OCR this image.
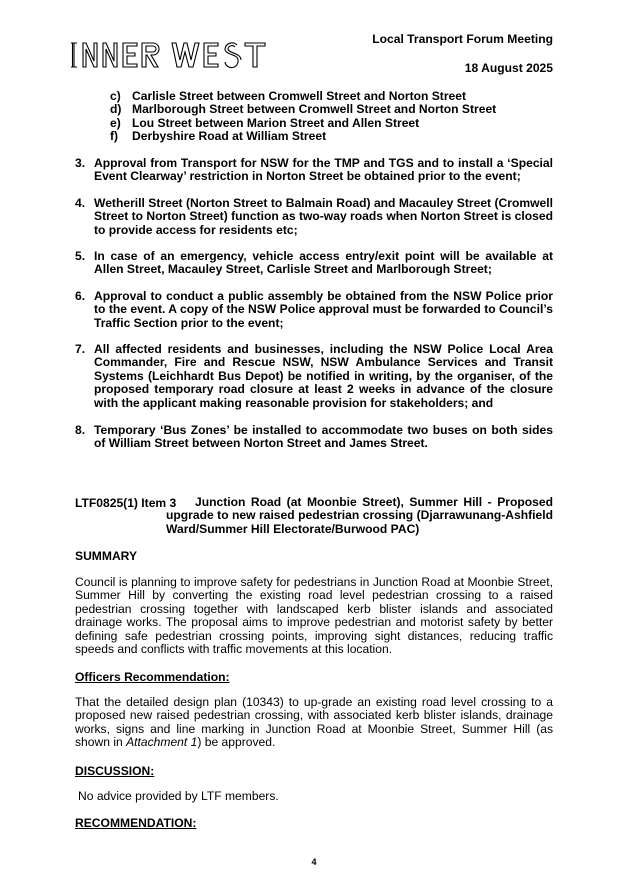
Local Transport Forum Meeting
18 August 2025
c) Carlisle Street between Cromwell Street and Norton Street
d) Marlborough Street between Cromwell Street and Norton Street
e) Lou Street between Marion Street and Allen Street
f)	Derbyshire Road at William Street
3. Approval from Transport for NSW for the TMP and TGS and to install a ‘Special Event Clearway’ restriction in Norton Street be obtained prior to the event;
4. Wetherill Street (Norton Street to Balmain Road) and Macauley Street (Cromwell Street to Norton Street) function as two-way roads when Norton Street is closed to provide access for residents etc;
5. In case of an emergency, vehicle access entry/exit point will be available at Allen Street, Macauley Street, Carlisle Street and Marlborough Street;
6. Approval to conduct a public assembly be obtained from the NSW Police prior to the event. A copy of the NSW Police approval must be forwarded to Council’s Traffic Section prior to the event;
7. All affected residents and businesses, including the NSW Police Local Area Commander, Fire and Rescue NSW, NSW Ambulance Services and Transit Systems (Leichhardt Bus Depot) be notified in writing, by the organiser, of the proposed temporary road closure at least 2 weeks in advance of the closure with the applicant making reasonable provision for stakeholders; and
8. Temporary ‘Bus Zones’ be installed to accommodate two buses on both sides of William Street between Norton Street and James Street.
LTF0825(1) Item 3	Junction Road (at Moonbie Street), Summer Hill - Proposed upgrade to new raised pedestrian crossing (Djarrawunang-Ashfield Ward/Summer Hill Electorate/Burwood PAC)
SUMMARY
Council is planning to improve safety for pedestrians in Junction Road at Moonbie Street, Summer Hill by converting the existing road level pedestrian crossing to a raised pedestrian crossing together with landscaped kerb blister islands and associated drainage works. The proposal aims to improve pedestrian and motorist safety by better defining safe pedestrian crossing points, improving sight distances, reducing traffic speeds and conflicts with traffic movements at this location.
Officers Recommendation:
That the detailed design plan (10343) to up-grade an existing road level crossing to a proposed new raised pedestrian crossing, with associated kerb blister islands, drainage works, signs and line marking in Junction Road at Moonbie Street, Summer Hill (as shown in Attachment 1) be approved.
DISCUSSION:
No advice provided by LTF members.
RECOMMENDATION:
4
